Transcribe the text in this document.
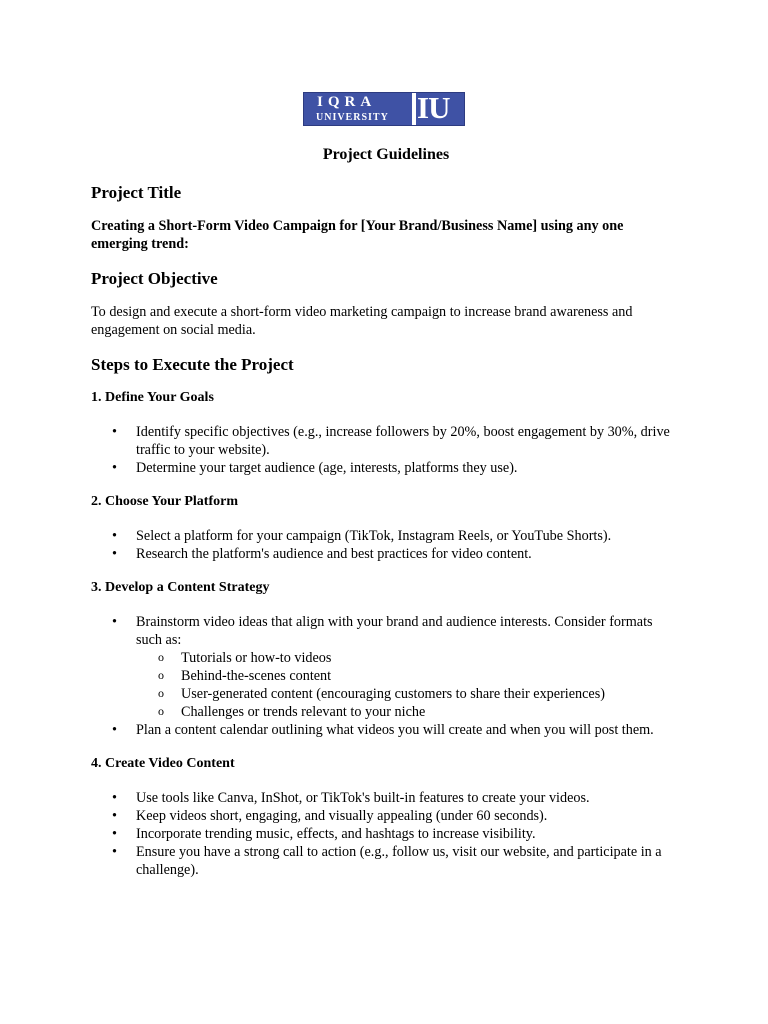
IQRA
UNIVERSITY IU
Project Guidelines
Project Title

Creating a Short-Form Video Campaign for [Your Brand/Business Name] using any one emerging trend:

Project Objective

To design and execute a short-form video marketing campaign to increase brand awareness and engagement on social media.

Steps to Execute the Project
1. Define Your Goals
• Identify specific objectives (e.g., increase followers by 20%, boost engagement by 30%, drive traffic to your website).
• Determine your target audience (age, interests, platforms they use).
2. Choose Your Platform
• Select a platform for your campaign (TikTok, Instagram Reels, or YouTube Shorts).
• Research the platform's audience and best practices for video content.
3. Develop a Content Strategy
• Brainstorm video ideas that align with your brand and audience interests. Consider formats such as:
o Tutorials or how-to videos
o Behind-the-scenes content
o User-generated content (encouraging customers to share their experiences)
o Challenges or trends relevant to your niche
• Plan a content calendar outlining what videos you will create and when you will post them.
4. Create Video Content
• Use tools like Canva, InShot, or TikTok's built-in features to create your videos.
• Keep videos short, engaging, and visually appealing (under 60 seconds).
• Incorporate trending music, effects, and hashtags to increase visibility.
• Ensure you have a strong call to action (e.g., follow us, visit our website, and participate in a challenge).
